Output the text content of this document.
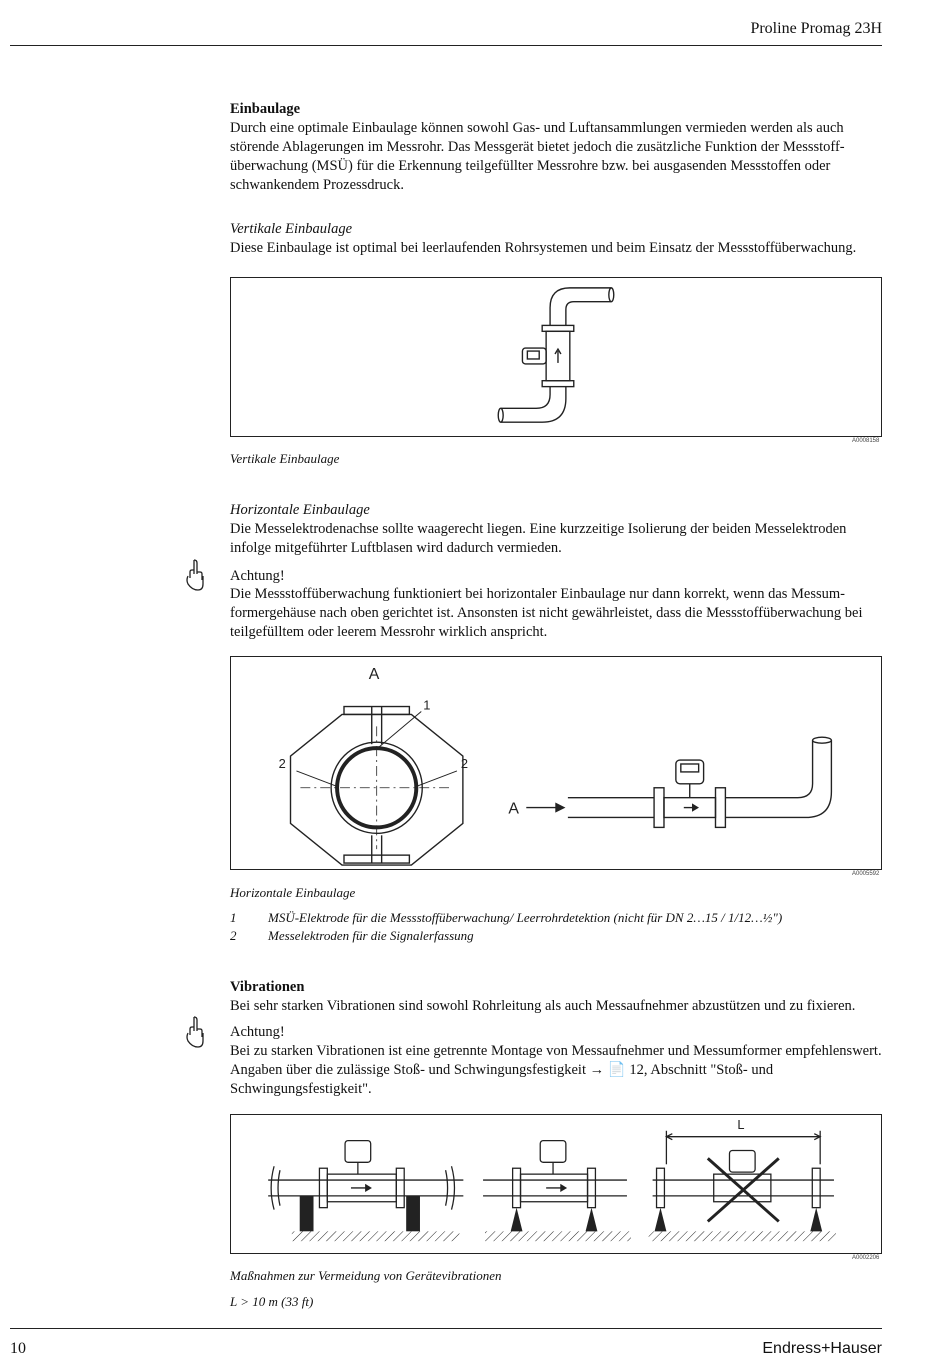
Proline Promag 23H
Einbaulage
Durch eine optimale Einbaulage können sowohl Gas- und Luftansammlungen vermieden werden als auch störende Ablagerungen im Messrohr. Das Messgerät bietet jedoch die zusätzliche Funktion der Messstoff-überwachung (MSÜ) für die Erkennung teilgefüllter Messrohre bzw. bei ausgasenden Messstoffen oder schwankendem Prozessdruck.
Vertikale Einbaulage
Diese Einbaulage ist optimal bei leerlaufenden Rohrsystemen und beim Einsatz der Messstoffüberwachung.
A0008158
Vertikale Einbaulage
Horizontale Einbaulage
Die Messelektrodenachse sollte waagerecht liegen. Eine kurzzeitige Isolierung der beiden Messelektroden infolge mitgeführter Luftblasen wird dadurch vermieden.
Achtung!
Die Messstoffüberwachung funktioniert bei horizontaler Einbaulage nur dann korrekt, wenn das Messum-formergehäuse nach oben gerichtet ist. Ansonsten ist nicht gewährleistet, dass die Messstoffüberwachung bei teilgefülltem oder leerem Messrohr wirklich anspricht.
A
1
2	2
A
A0005592
Horizontale Einbaulage
1 MSÜ-Elektrode für die Messstoffüberwachung/ Leerrohrdetektion (nicht für DN 2…15 / 1/12…½")
2 Messelektroden für die Signalerfassung
Vibrationen
Bei sehr starken Vibrationen sind sowohl Rohrleitung als auch Messaufnehmer abzustützen und zu fixieren.
Achtung!
Bei zu starken Vibrationen ist eine getrennte Montage von Messaufnehmer und Messumformer empfehlenswert. Angaben über die zulässige Stoß- und Schwingungsfestigkeit → 📄 12, Abschnitt "Stoß- und Schwingungsfestigkeit".
L
A0002206
Maßnahmen zur Vermeidung von Gerätevibrationen
L > 10 m (33 ft)
10	Endress+Hauser
